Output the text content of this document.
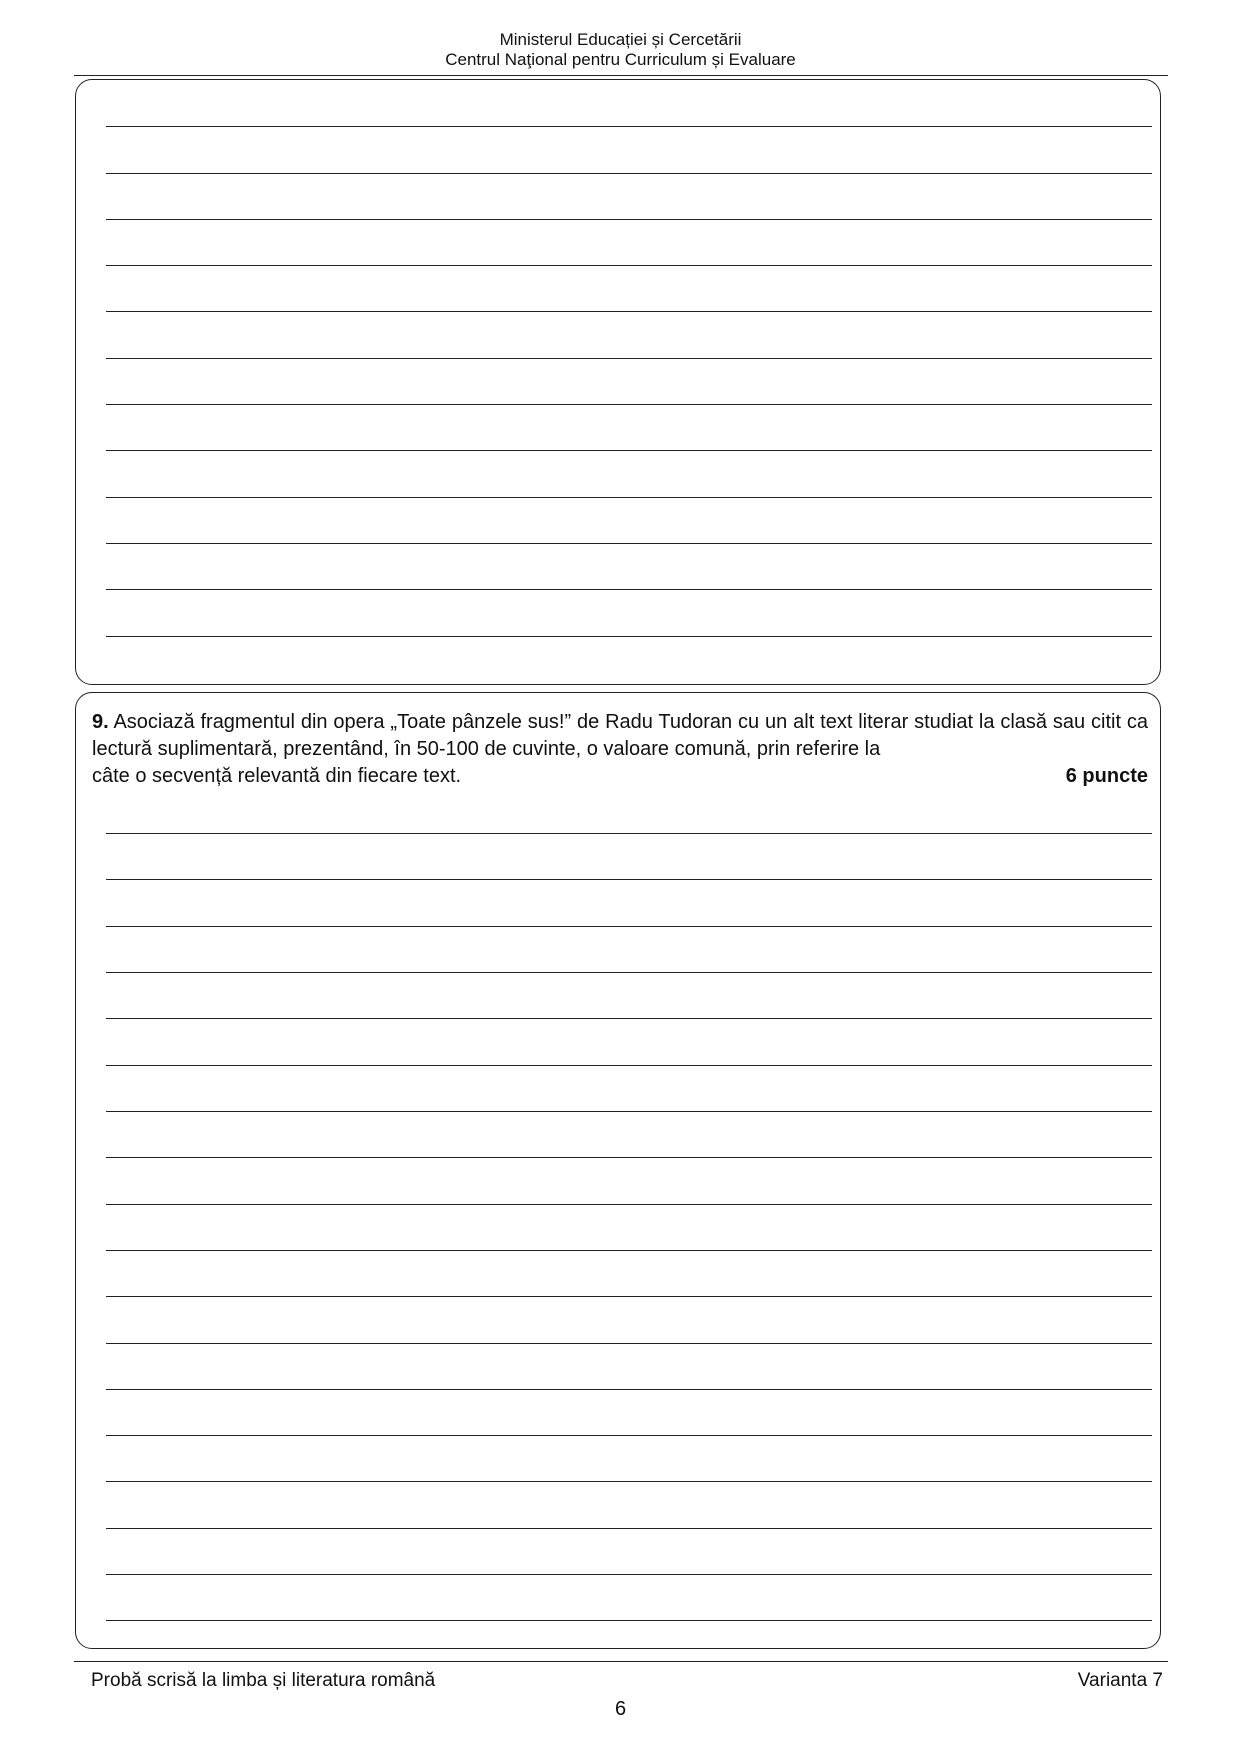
Ministerul Educației și Cercetării
Centrul Naţional pentru Curriculum și Evaluare
9. Asociază fragmentul din opera „Toate pânzele sus!” de Radu Tudoran cu un alt text literar studiat la clasă sau citit ca lectură suplimentară, prezentând, în 50-100 de cuvinte, o valoare comună, prin referire la
câte o secvență relevantă din fiecare text.	6 puncte
Probă scrisă la limba și literatura română	Varianta 7
6
